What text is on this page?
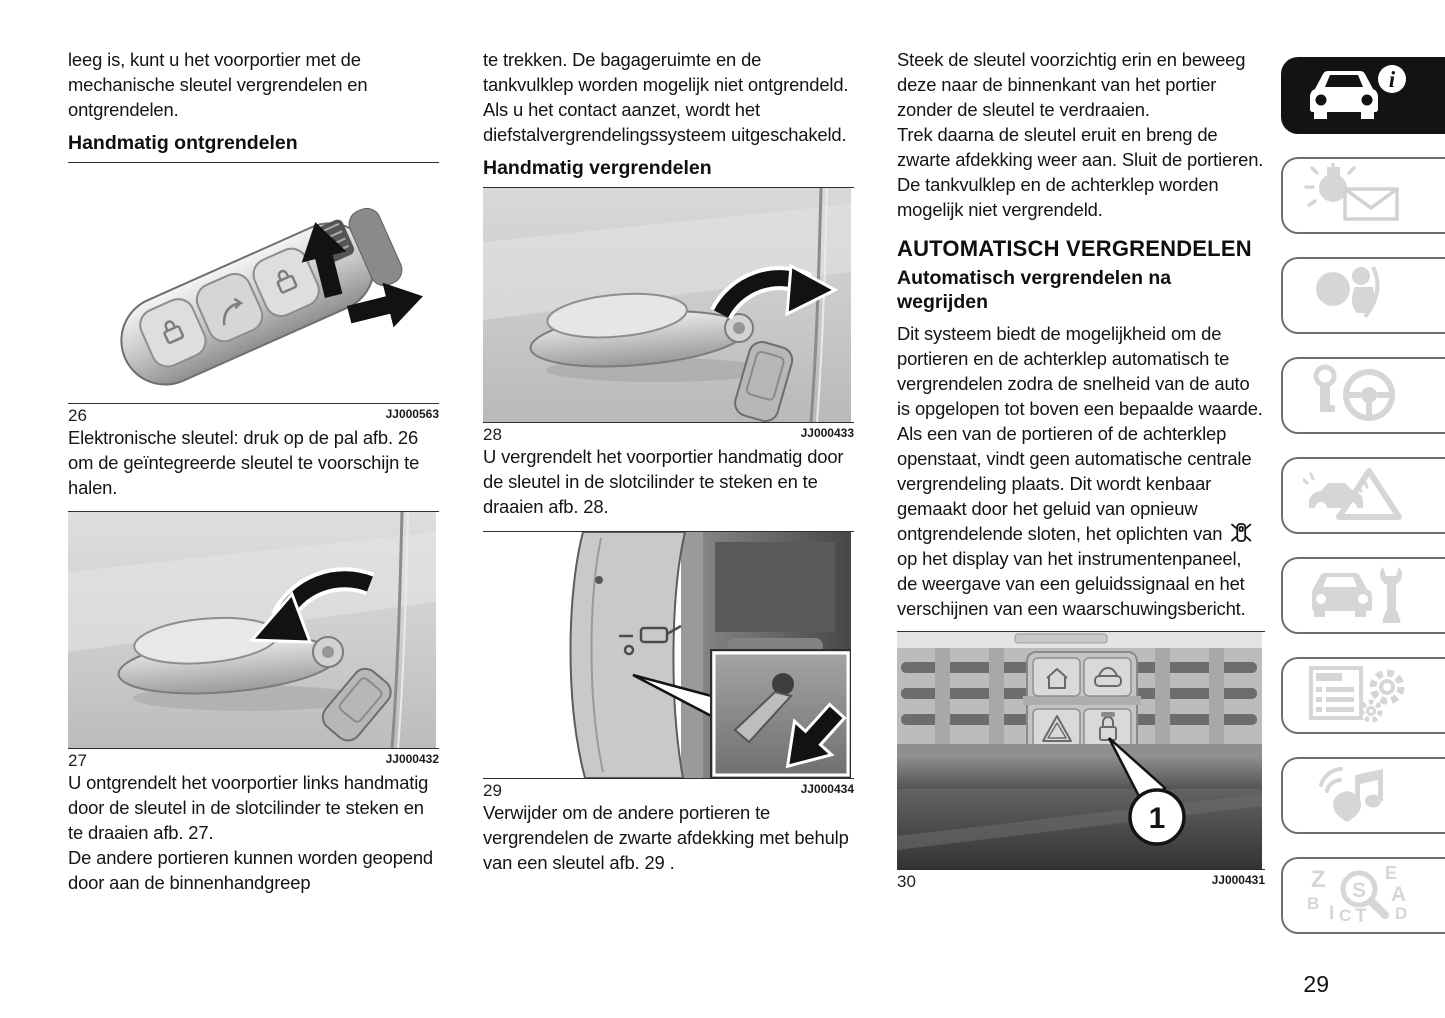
leeg is, kunt u het voorportier met de mechanische sleutel vergrendelen en ontgrendelen.

Handmatig ontgrendelen
26	JJ000563

Elektronische sleutel: druk op de pal afb. 26 om de geïntegreerde sleutel te voorschijn te halen.

27	JJ000432

U ontgrendelt het voorportier links handmatig door de sleutel in de slotcilinder te steken en te draaien afb. 27.

De andere portieren kunnen worden geopend door aan de binnenhandgreep

te trekken. De bagageruimte en de tankvulklep worden mogelijk niet ontgrendeld.

Als u het contact aanzet, wordt het diefstalvergrendelingssysteem uitgeschakeld.

Handmatig vergrendelen
28	JJ000433

U vergrendelt het voorportier handmatig door de sleutel in de slotcilinder te steken en te draaien afb. 28.

29	JJ000434

Verwijder om de andere portieren te vergrendelen de zwarte afdekking met behulp van een sleutel afb. 29 .

Steek de sleutel voorzichtig erin en beweeg deze naar de binnenkant van het portier zonder de sleutel te verdraaien.

Trek daarna de sleutel eruit en breng de zwarte afdekking weer aan. Sluit de portieren.

De tankvulklep en de achterklep worden mogelijk niet vergrendeld.

AUTOMATISCH VERGRENDELEN
Automatisch vergrendelen na wegrijden

Dit systeem biedt de mogelijkheid om de portieren en de achterklep automatisch te vergrendelen zodra de snelheid van de auto is opgelopen tot boven een bepaalde waarde.

Als een van de portieren of de achterklep openstaat, vindt geen automatische centrale vergrendeling plaats. Dit wordt kenbaar gemaakt door het geluid van opnieuw ontgrendelende sloten, het oplichten van  op het display van het instrumentenpaneel, de weergave van een geluidssignaal en het verschijnen van een waarschuwingsbericht.

1
30	JJ000431
i
Z	E
B	A
D
I C T
S
29
